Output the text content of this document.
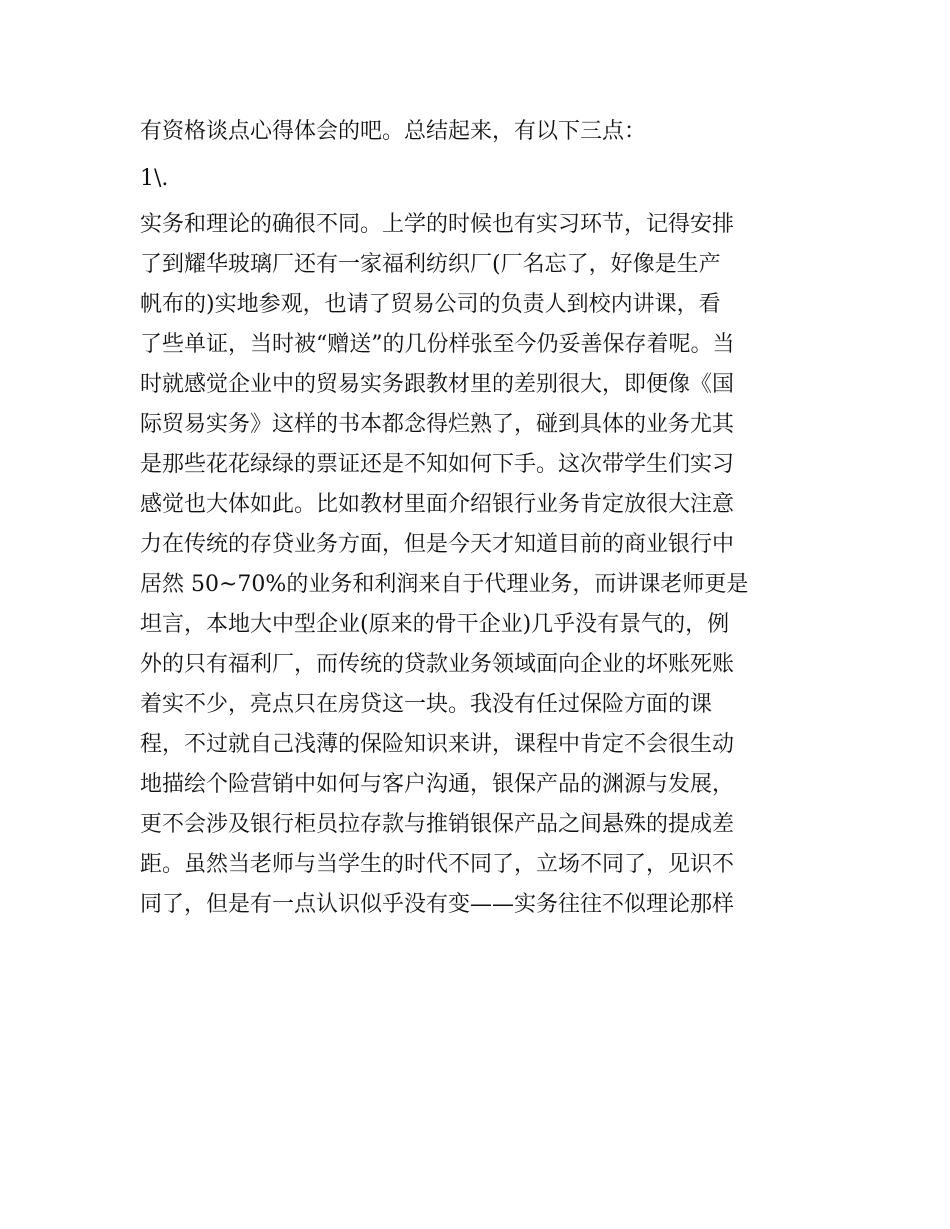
有资格谈点心得体会的吧。总结起来，有以下三点：
1\.
实务和理论的确很不同。上学的时候也有实习环节，记得安排
了到耀华玻璃厂还有一家福利纺织厂(厂名忘了，好像是生产
帆布的)实地参观，也请了贸易公司的负责人到校内讲课，看
了些单证，当时被“赠送”的几份样张至今仍妥善保存着呢。当
时就感觉企业中的贸易实务跟教材里的差别很大，即便像《国
际贸易实务》这样的书本都念得烂熟了，碰到具体的业务尤其
是那些花花绿绿的票证还是不知如何下手。这次带学生们实习
感觉也大体如此。比如教材里面介绍银行业务肯定放很大注意
力在传统的存贷业务方面，但是今天才知道目前的商业银行中
居然 50~70%的业务和利润来自于代理业务，而讲课老师更是
坦言，本地大中型企业(原来的骨干企业)几乎没有景气的，例
外的只有福利厂，而传统的贷款业务领域面向企业的坏账死账
着实不少，亮点只在房贷这一块。我没有任过保险方面的课
程，不过就自己浅薄的保险知识来讲，课程中肯定不会很生动
地描绘个险营销中如何与客户沟通，银保产品的渊源与发展，
更不会涉及银行柜员拉存款与推销银保产品之间悬殊的提成差
距。虽然当老师与当学生的时代不同了，立场不同了，见识不
同了，但是有一点认识似乎没有变——实务往往不似理论那样
